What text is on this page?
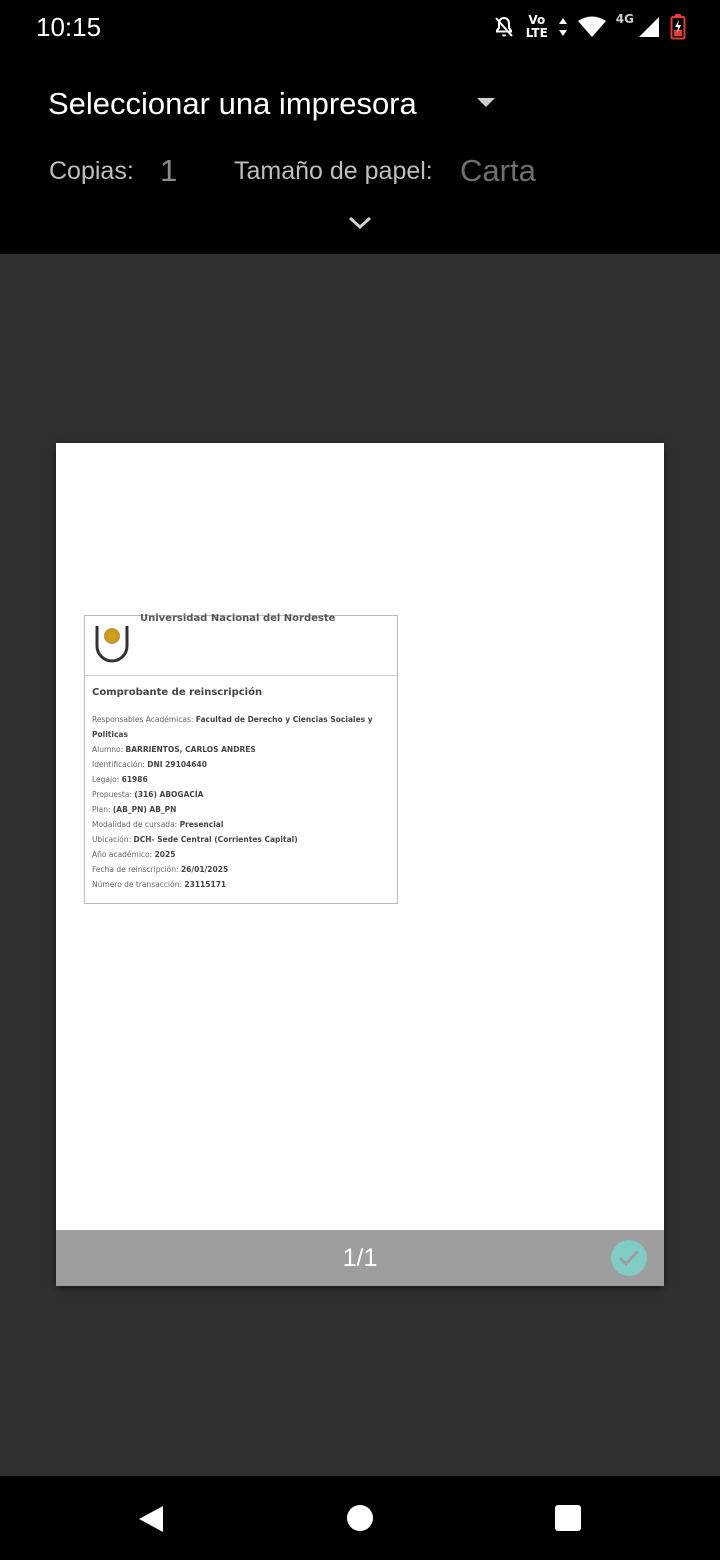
10:15	Vo
LTE
4G
Seleccionar una impresora
Copias: 1 Tamaño de papel: Carta
Universidad Nacional del Nordeste
Comprobante de reinscripción
Responsables Académicas: Facultad de Derecho y Ciencias Sociales y Politicas
Alumno: BARRIENTOS, CARLOS ANDRES
Identificación: DNI 29104640
Legajo: 61986
Propuesta: (316) ABOGACÍA
Plan: (AB_PN) AB_PN
Modalidad de cursada: Presencial
Ubicación: DCH- Sede Central (Corrientes Capital)
Año académico: 2025
Fecha de reinscripción: 26/01/2025
Número de transacción: 23115171
1/1
